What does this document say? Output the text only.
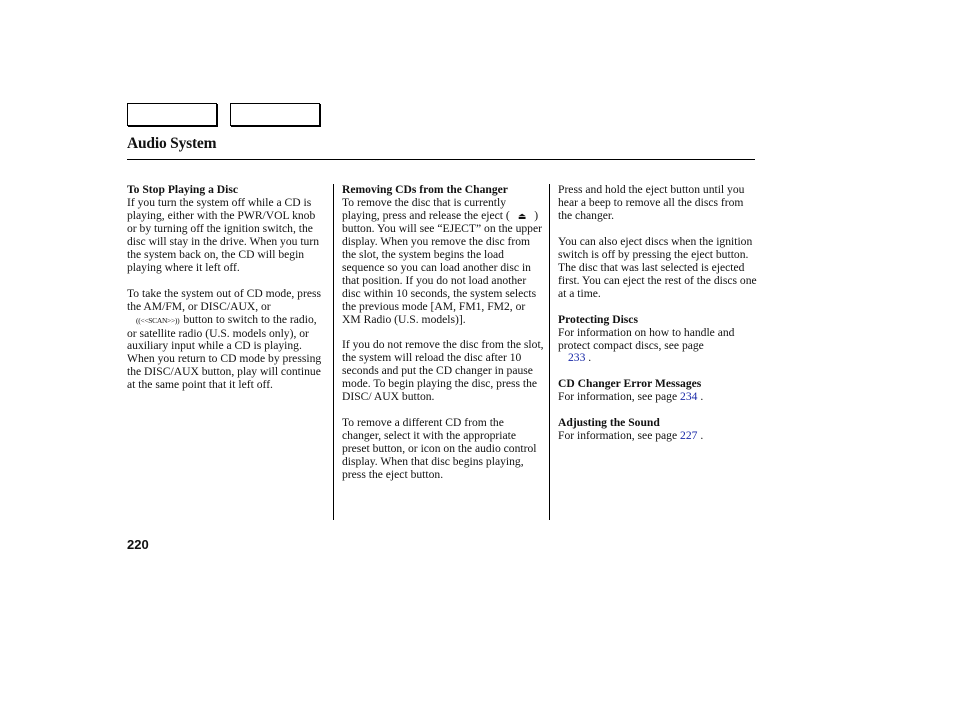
Audio System
To Stop Playing a Disc

If you turn the system off while a CD is playing, either with the PWR/VOL knob or by turning off the ignition switch, the disc will stay in the drive. When you turn the system back on, the CD will begin playing where it left off.

To take the system out of CD mode, press the AM/FM, or DISC/AUX, or
((<<SCAN>>)) button to switch to the radio, or satellite radio (U.S. models only), or auxiliary input while a CD is playing. When you return to CD mode by pressing the DISC/AUX button, play will continue at the same point that it left off.

Removing CDs from the Changer

To remove the disc that is currently playing, press and release the eject ( ⏏ ) button. You will see “EJECT” on the upper display. When you remove the disc from the slot, the system begins the load sequence so you can load another disc in that position. If you do not load another disc within 10 seconds, the system selects the previous mode [AM, FM1, FM2, or XM Radio (U.S. models)].

If you do not remove the disc from the slot, the system will reload the disc after 10 seconds and put the CD changer in pause mode. To begin playing the disc, press the DISC/ AUX button.

To remove a different CD from the changer, select it with the appropriate preset button, or icon on the audio control display. When that disc begins playing, press the eject button.

Press and hold the eject button until you hear a beep to remove all the discs from the changer.

You can also eject discs when the ignition switch is off by pressing the eject button. The disc that was last selected is ejected first. You can eject the rest of the discs one at a time.

Protecting Discs

For information on how to handle and protect compact discs, see page
233 .

CD Changer Error Messages

For information, see page 234 .

Adjusting the Sound

For information, see page 227 .

220
